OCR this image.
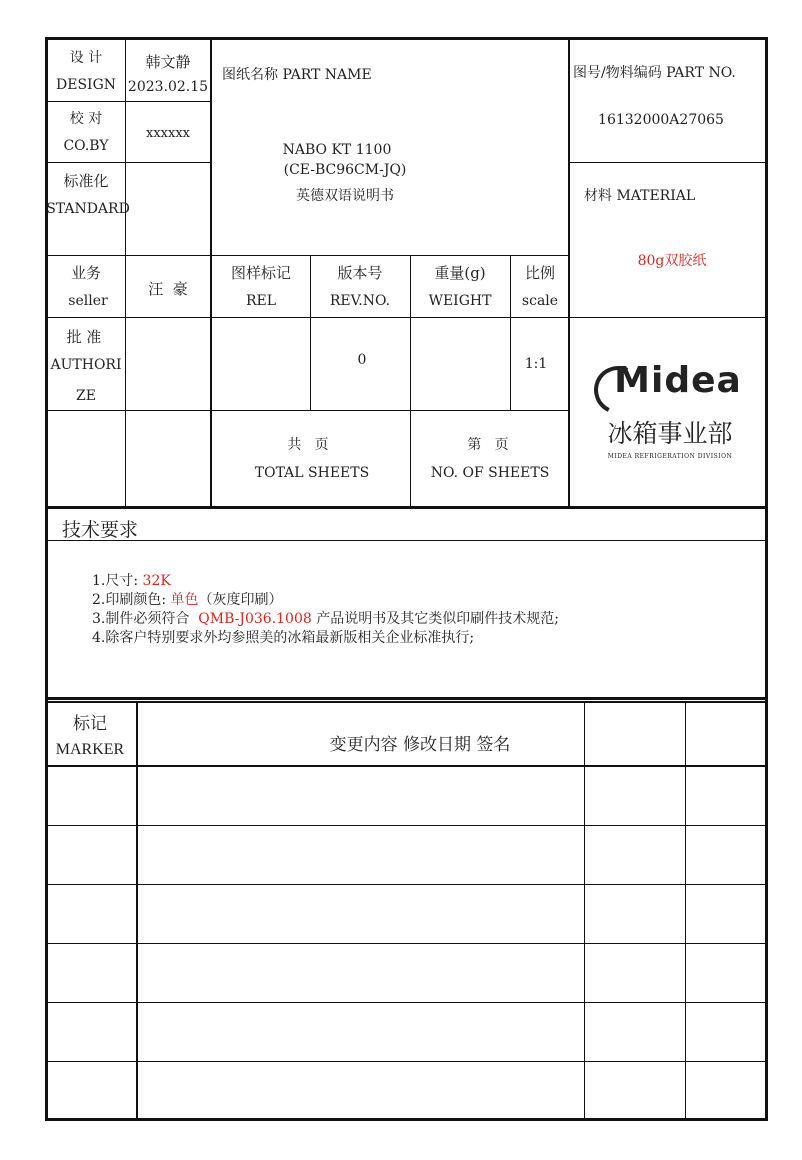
设 计
DESIGN
韩文静
2023.02.15
校 对
CO.BY
xxxxxx
标准化
STANDARD
业务
seller
汪  豪
批 准
AUTHORI
ZE
图纸名称 PART NAME
NABO KT 1100
(CE-BC96CM-JQ)
英德双语说明书
图样标记
REL
版本号
REV.NO.
重量(g)
WEIGHT
比例
scale
0	1:1
共   页
TOTAL SHEETS
第   页
NO. OF SHEETS
图号/物料编码 PART NO.
16132000A27065
材料 MATERIAL
80g双胶纸
Midea
冰箱事业部
MIDEA REFRIGERATION DIVISION
技术要求
1.尺寸: 32K
2.印刷颜色: 单色（灰度印刷）
3.制件必须符合  QMB-J036.1008 产品说明书及其它类似印刷件技术规范;
4.除客户特别要求外均参照美的冰箱最新版相关企业标准执行;
标记
MARKER	变更内容 修改日期 签名
